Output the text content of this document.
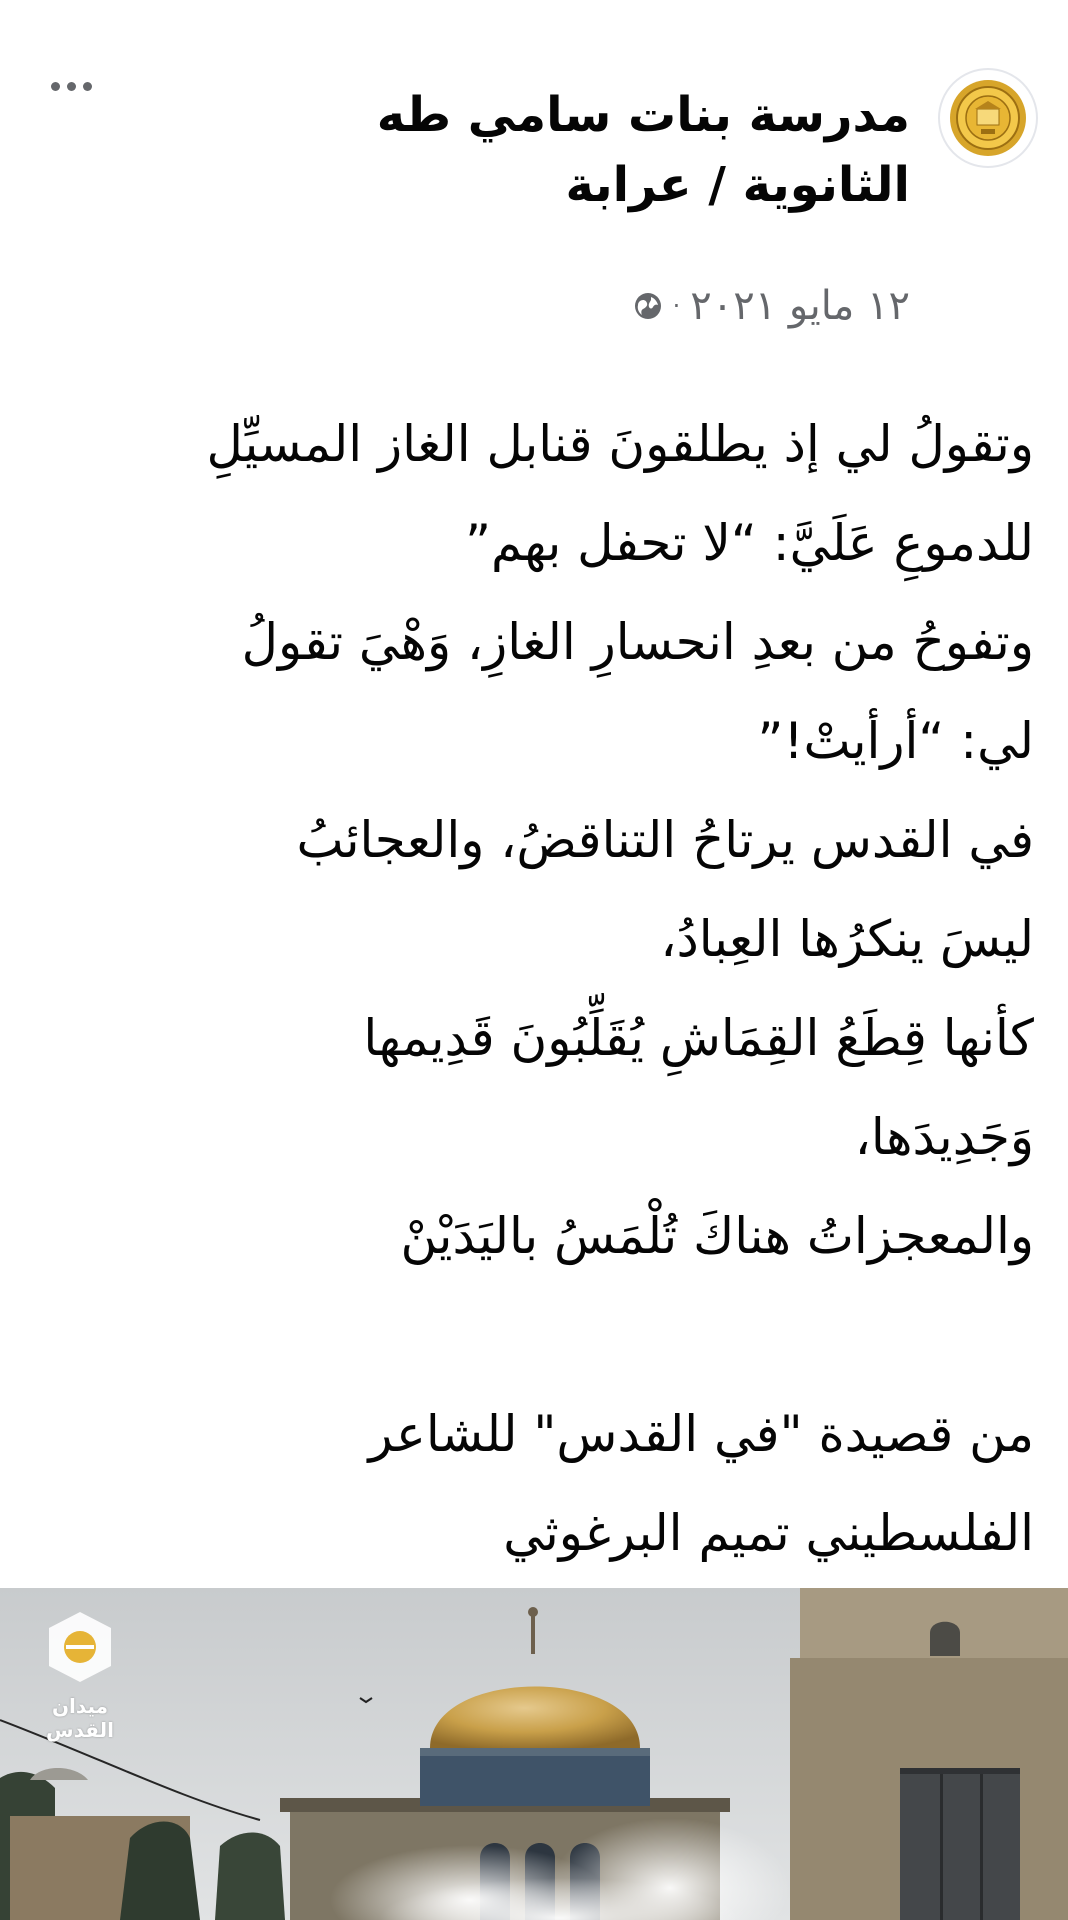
مدرسة بنات سامي طه الثانوية / عرابة
١٢ مايو ٢٠٢١
·

وتقولُ لي إذ يطلقونَ قنابل الغاز المسيِّلِ

للدموعِ عَلَيَّ: “لا تحفل بهم”

وتفوحُ من بعدِ انحسارِ الغازِ، وَهْيَ تقولُ

لي: “أرأيتْ!”

في القدس يرتاحُ التناقضُ، والعجائبُ

ليسَ ينكرُها العِبادُ،

كأنها قِطَعُ القِمَاشِ يُقَلِّبُونَ قَدِيمها

وَجَدِيدَها،

والمعجزاتُ هناكَ تُلْمَسُ باليَدَيْنْ

من قصيدة "في القدس" للشاعر

الفلسطيني تميم البرغوثي

ميدان القدس
